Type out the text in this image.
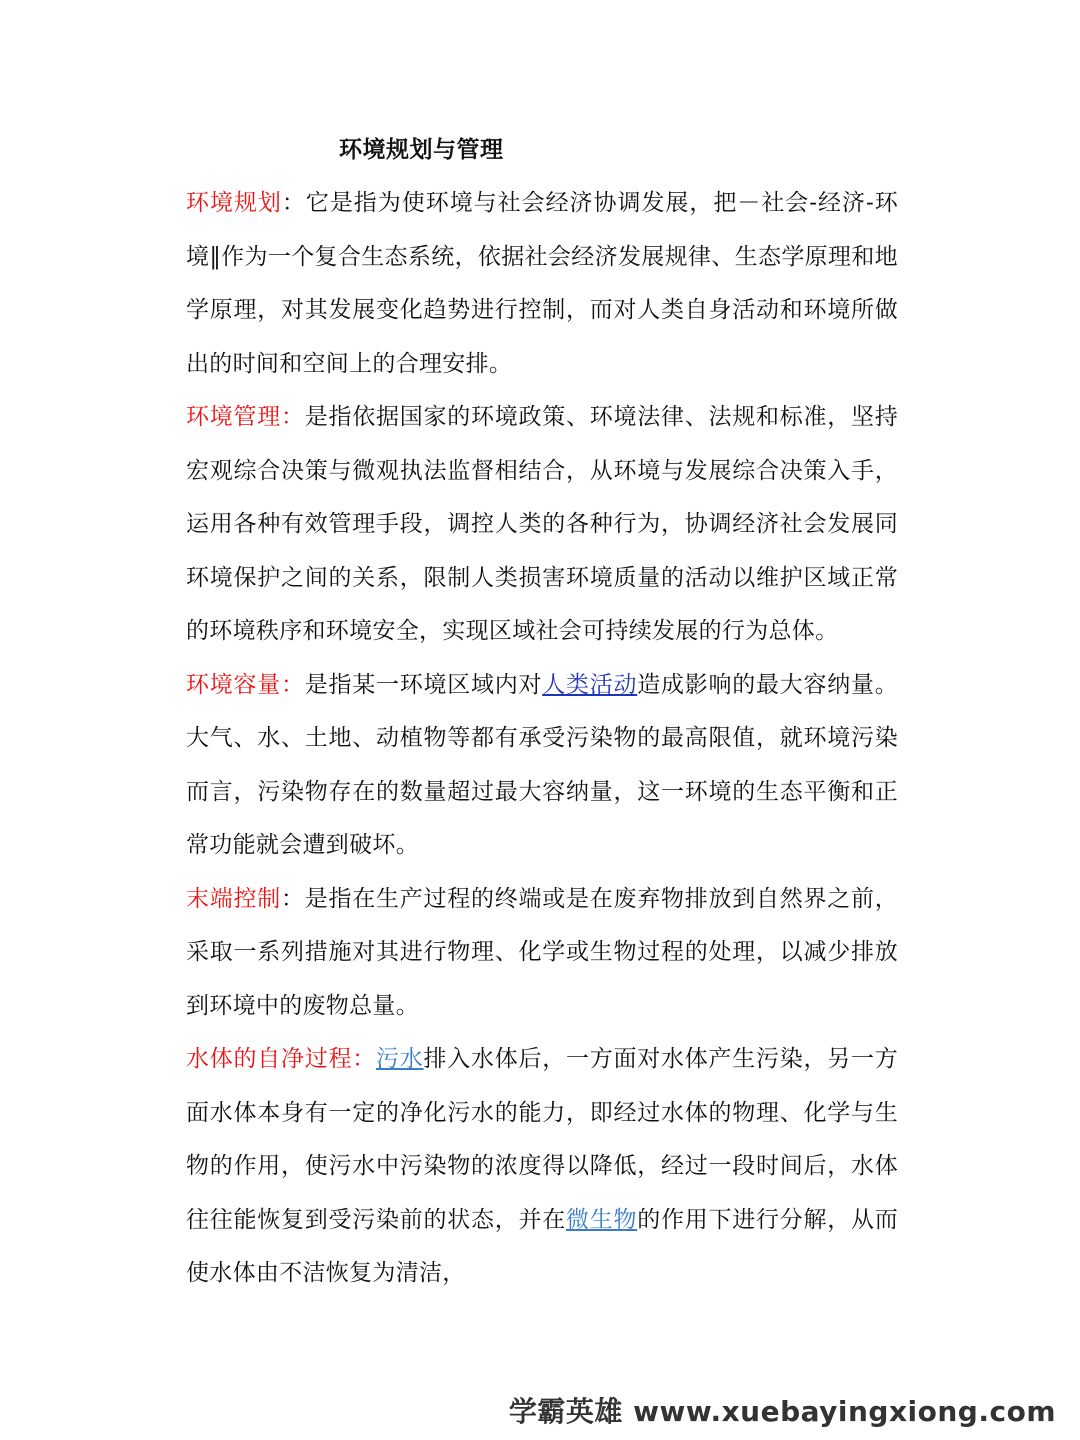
环境规划与管理

环境规划：它是指为使环境与社会经济协调发展，把－社会-经济-环境‖作为一个复合生态系统，依据社会经济发展规律、生态学原理和地学原理，对其发展变化趋势进行控制，而对人类自身活动和环境所做出的时间和空间上的合理安排。

环境管理：是指依据国家的环境政策、环境法律、法规和标准，坚持宏观综合决策与微观执法监督相结合，从环境与发展综合决策入手，运用各种有效管理手段，调控人类的各种行为，协调经济社会发展同环境保护之间的关系，限制人类损害环境质量的活动以维护区域正常的环境秩序和环境安全，实现区域社会可持续发展的行为总体。

环境容量：是指某一环境区域内对人类活动造成影响的最大容纳量。大气、水、土地、动植物等都有承受污染物的最高限值，就环境污染而言，污染物存在的数量超过最大容纳量，这一环境的生态平衡和正常功能就会遭到破坏。

末端控制：是指在生产过程的终端或是在废弃物排放到自然界之前，采取一系列措施对其进行物理、化学或生物过程的处理，以减少排放到环境中的废物总量。

水体的自净过程：污水排入水体后，一方面对水体产生污染，另一方面水体本身有一定的净化污水的能力，即经过水体的物理、化学与生物的作用，使污水中污染物的浓度得以降低，经过一段时间后，水体往往能恢复到受污染前的状态，并在微生物的作用下进行分解，从而使水体由不洁恢复为清洁，

学霸英雄 www.xuebayingxiong.com
